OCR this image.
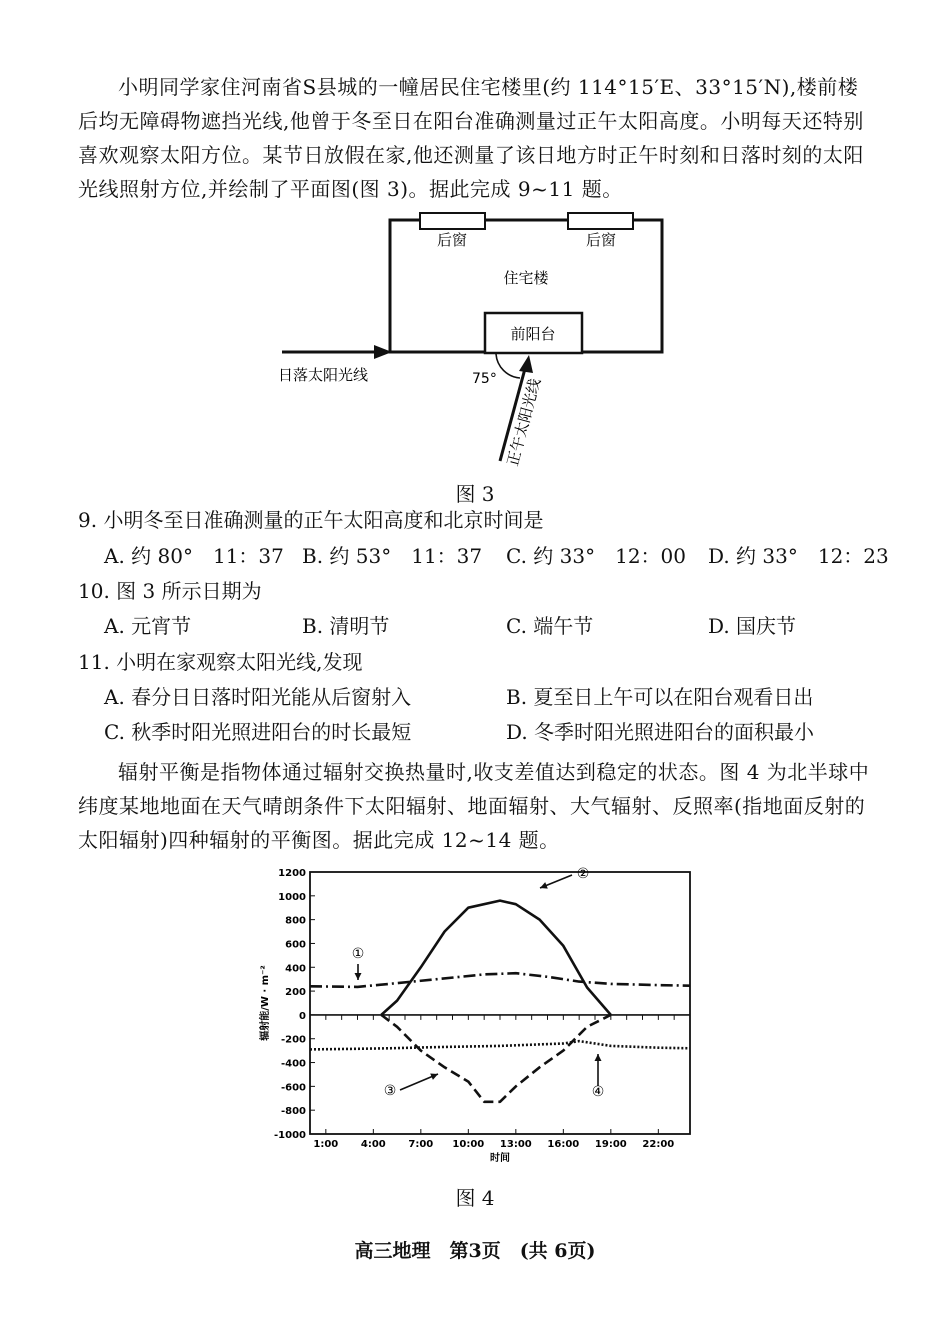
小明同学家住河南省S县城的一幢居民住宅楼里(约 114°15′E、33°15′N),楼前楼后均无障碍物遮挡光线,他曾于冬至日在阳台准确测量过正午太阳高度。小明每天还特别喜欢观察太阳方位。某节日放假在家,他还测量了该日地方时正午时刻和日落时刻的太阳光线照射方位,并绘制了平面图(图 3)。据此完成 9~11 题。
后窗	后窗
住宅楼
前阳台
日落太阳光线	75° 正午太阳光线
图 3
9. 小明冬至日准确测量的正午太阳高度和北京时间是
A. 约 80°　11：37 B. 约 53°　11：37 C. 约 33°　12：00 D. 约 33°　12：23
10. 图 3 所示日期为
A. 元宵节	B. 清明节	C. 端午节	D. 国庆节
11. 小明在家观察太阳光线,发现
A. 春分日日落时阳光能从后窗射入	B. 夏至日上午可以在阳台观看日出
C. 秋季时阳光照进阳台的时长最短	D. 冬季时阳光照进阳台的面积最小
辐射平衡是指物体通过辐射交换热量时,收支差值达到稳定的状态。图 4 为北半球中纬度某地地面在天气晴朗条件下太阳辐射、地面辐射、大气辐射、反照率(指地面反射的太阳辐射)四种辐射的平衡图。据此完成 12~14 题。
1200
1000
800
600
400
200
0
-200
-400
-600
-800
-1000
1:00 4:00 7:00 10:00 13:00 16:00 19:00 22:00
时间
辐射能/W · m⁻²
①
②
③	④
图 4
高三地理　第3页　(共 6页)
